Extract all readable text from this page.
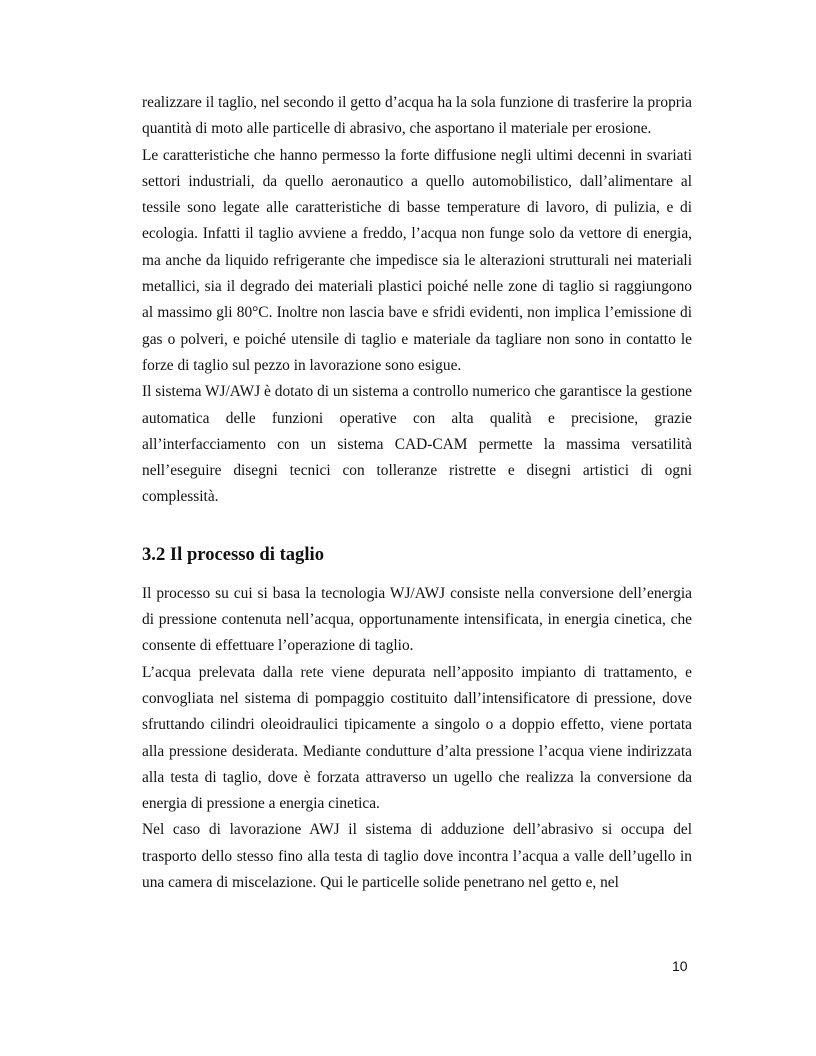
realizzare il taglio, nel secondo il getto d’acqua ha la sola funzione di trasferire la propria quantità di moto alle particelle di abrasivo, che asportano il materiale per erosione.

Le caratteristiche che hanno permesso la forte diffusione negli ultimi decenni in svariati settori industriali, da quello aeronautico a quello automobilistico, dall’alimentare al tessile sono legate alle caratteristiche di basse temperature di lavoro, di pulizia, e di ecologia. Infatti il taglio avviene a freddo, l’acqua non funge solo da vettore di energia, ma anche da liquido refrigerante che impedisce sia le alterazioni strutturali nei materiali metallici, sia il degrado dei materiali plastici poiché nelle zone di taglio si raggiungono al massimo gli 80°C. Inoltre non lascia bave e sfridi evidenti, non implica l’emissione di gas o polveri, e poiché utensile di taglio e materiale da tagliare non sono in contatto le forze di taglio sul pezzo in lavorazione sono esigue.

Il sistema WJ/AWJ è dotato di un sistema a controllo numerico che garantisce la gestione automatica delle funzioni operative con alta qualità e precisione, grazie all’interfacciamento con un sistema CAD-CAM permette la massima versatilità nell’eseguire disegni tecnici con tolleranze ristrette e disegni artistici di ogni complessità.

3.2 Il processo di taglio

Il processo su cui si basa la tecnologia WJ/AWJ consiste nella conversione dell’energia di pressione contenuta nell’acqua, opportunamente intensificata, in energia cinetica, che consente di effettuare l’operazione di taglio.

L’acqua prelevata dalla rete viene depurata nell’apposito impianto di trattamento, e convogliata nel sistema di pompaggio costituito dall’intensificatore di pressione, dove sfruttando cilindri oleoidraulici tipicamente a singolo o a doppio effetto, viene portata alla pressione desiderata. Mediante condutture d’alta pressione l’acqua viene indirizzata alla testa di taglio, dove è forzata attraverso un ugello che realizza la conversione da energia di pressione a energia cinetica.

Nel caso di lavorazione AWJ il sistema di adduzione dell’abrasivo si occupa del trasporto dello stesso fino alla testa di taglio dove incontra l’acqua a valle dell’ugello in una camera di miscelazione. Qui le particelle solide penetrano nel getto e, nel

10
